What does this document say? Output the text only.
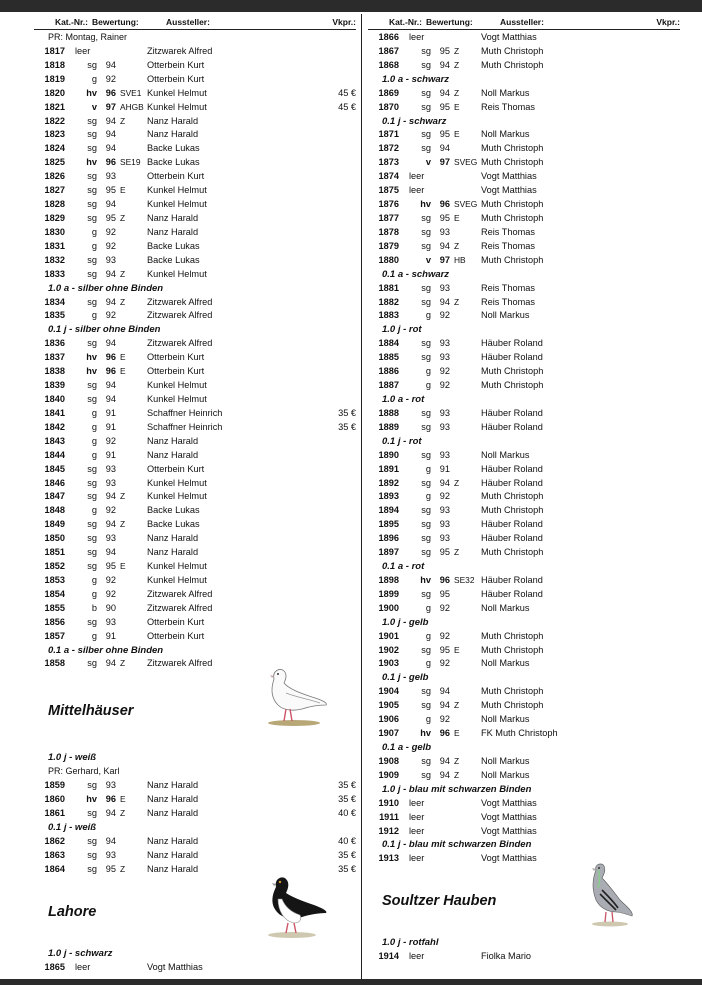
Kat.-Nr.: Bewertung:	Aussteller:	Vkpr.:
PR: Montag, Rainer
1817	leer	Zitzwarek Alfred
1818	sg 94	Otterbein Kurt
1819	g 92	Otterbein Kurt
1820	hv 96 SVE1 Kunkel Helmut	45 €
1821	v 97 AHGB Kunkel Helmut	45 €
1822	sg 94 Z	Nanz Harald
1823	sg 94	Nanz Harald
1824	sg 94	Backe Lukas
1825	hv 96 SE19 Backe Lukas
1826	sg 93	Otterbein Kurt
1827	sg 95 E	Kunkel Helmut
1828	sg 94	Kunkel Helmut
1829	sg 95 Z	Nanz Harald
1830	g 92	Nanz Harald
1831	g 92	Backe Lukas
1832	sg 93	Backe Lukas
1833	sg 94 Z	Kunkel Helmut
1.0 a - silber ohne Binden
1834	sg 94 Z	Zitzwarek Alfred
1835	g 92	Zitzwarek Alfred
0.1 j - silber ohne Binden
1836	sg 94	Zitzwarek Alfred
1837	hv 96 E	Otterbein Kurt
1838	hv 96 E	Otterbein Kurt
1839	sg 94	Kunkel Helmut
1840	sg 94	Kunkel Helmut
1841	g 91	Schaffner Heinrich	35 €
1842	g 91	Schaffner Heinrich	35 €
1843	g 92	Nanz Harald
1844	g 91	Nanz Harald
1845	sg 93	Otterbein Kurt
1846	sg 93	Kunkel Helmut
1847	sg 94 Z	Kunkel Helmut
1848	g 92	Backe Lukas
1849	sg 94 Z	Backe Lukas
1850	sg 93	Nanz Harald
1851	sg 94	Nanz Harald
1852	sg 95 E	Kunkel Helmut
1853	g 92	Kunkel Helmut
1854	g 92	Zitzwarek Alfred
1855	b 90	Zitzwarek Alfred
1856	sg 93	Otterbein Kurt
1857	g 91	Otterbein Kurt
0.1 a - silber ohne Binden
1858	sg 94 Z	Zitzwarek Alfred
Mittelhäuser
1.0 j - weiß
PR: Gerhard, Karl
1859	sg 93	Nanz Harald	35 €
1860	hv 96 E	Nanz Harald	35 €
1861	sg 94 Z	Nanz Harald	40 €
0.1 j - weiß
1862	sg 94	Nanz Harald	40 €
1863	sg 93	Nanz Harald	35 €
1864	sg 95 Z	Nanz Harald	35 €
Lahore
1.0 j - schwarz
1865	leer	Vogt Matthias
Kat.-Nr.: Bewertung:	Aussteller:	Vkpr.:
1866	leer	Vogt Matthias
1867	sg 95 Z	Muth Christoph
1868	sg 94 Z	Muth Christoph
1.0 a - schwarz
1869	sg 94 Z	Noll Markus
1870	sg 95 E	Reis Thomas
0.1 j - schwarz
1871	sg 95 E	Noll Markus
1872	sg 94	Muth Christoph
1873	v 97 SVEG Muth Christoph
1874	leer	Vogt Matthias
1875	leer	Vogt Matthias
1876	hv 96 SVEG Muth Christoph
1877	sg 95 E	Muth Christoph
1878	sg 93	Reis Thomas
1879	sg 94 Z	Reis Thomas
1880	v 97 HB	Muth Christoph
0.1 a - schwarz
1881	sg 93	Reis Thomas
1882	sg 94 Z	Reis Thomas
1883	g 92	Noll Markus
1.0 j - rot
1884	sg 93	Häuber Roland
1885	sg 93	Häuber Roland
1886	g 92	Muth Christoph
1887	g 92	Muth Christoph
1.0 a - rot
1888	sg 93	Häuber Roland
1889	sg 93	Häuber Roland
0.1 j - rot
1890	sg 93	Noll Markus
1891	g 91	Häuber Roland
1892	sg 94 Z	Häuber Roland
1893	g 92	Muth Christoph
1894	sg 93	Muth Christoph
1895	sg 93	Häuber Roland
1896	sg 93	Häuber Roland
1897	sg 95 Z	Muth Christoph
0.1 a - rot
1898	hv 96 SE32 Häuber Roland
1899	sg 95	Häuber Roland
1900	g 92	Noll Markus
1.0 j - gelb
1901	g 92	Muth Christoph
1902	sg 95 E	Muth Christoph
1903	g 92	Noll Markus
0.1 j - gelb
1904	sg 94	Muth Christoph
1905	sg 94 Z	Muth Christoph
1906	g 92	Noll Markus
1907	hv 96 E	FK Muth Christoph
0.1 a - gelb
1908	sg 94 Z	Noll Markus
1909	sg 94 Z	Noll Markus
1.0 j - blau mit schwarzen Binden
1910	leer	Vogt Matthias
1911	leer	Vogt Matthias
1912	leer	Vogt Matthias
0.1 j - blau mit schwarzen Binden
1913	leer	Vogt Matthias
Soultzer Hauben
1.0 j - rotfahl
1914	leer	Fiolka Mario
